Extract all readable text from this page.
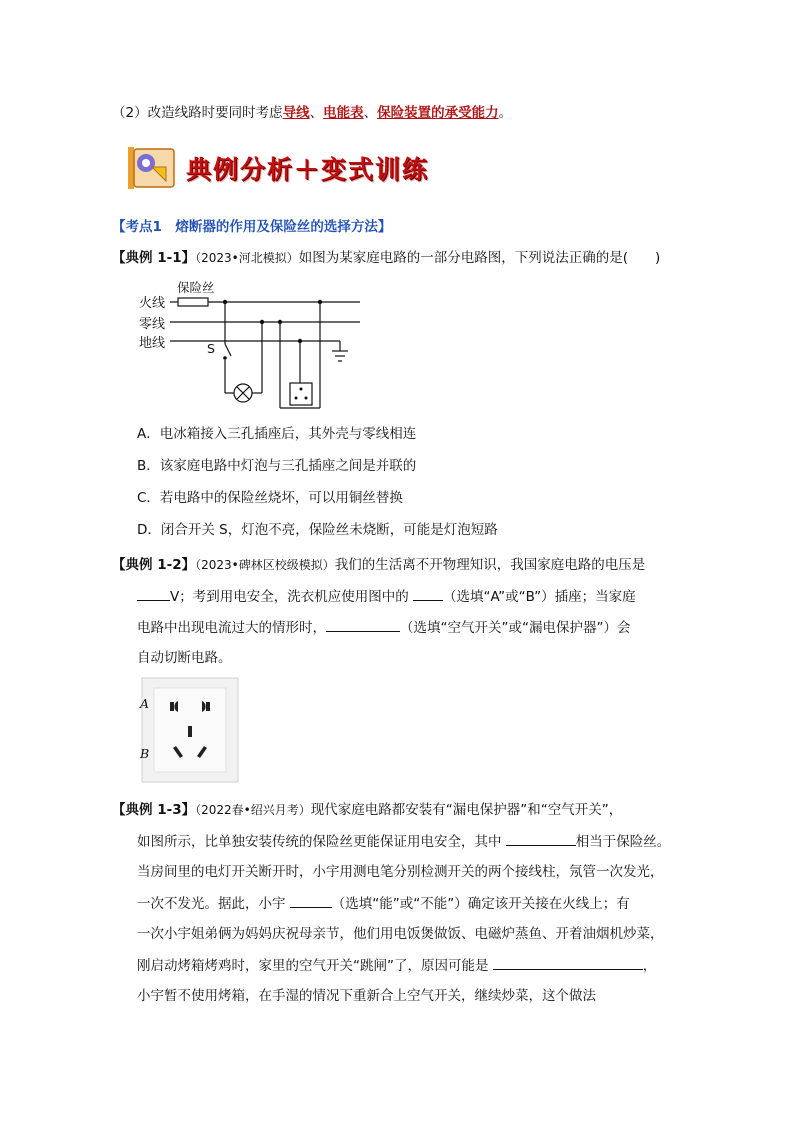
（2）改造线路时要同时考虑导线、电能表、保险装置的承受能力。
典例分析＋变式训练
【考点1　熔断器的作用及保险丝的选择方法】
【典例 1-1】（2023•河北模拟）如图为某家庭电路的一部分电路图，下列说法正确的是(　　)
保险丝
火线
零线
地线	S
A．电冰箱接入三孔插座后，其外壳与零线相连
B．该家庭电路中灯泡与三孔插座之间是并联的
C．若电路中的保险丝烧坏，可以用铜丝替换
D．闭合开关 S，灯泡不亮，保险丝未烧断，可能是灯泡短路
【典例 1-2】（2023•碑林区校级模拟）我们的生活离不开物理知识，我国家庭电路的电压是
V；考到用电安全，洗衣机应使用图中的	（选填“A”或“B”）插座；当家庭
电路中出现电流过大的情形时，	（选填“空气开关”或“漏电保护器”）会
自动切断电路。
A
B
【典例 1-3】（2022春•绍兴月考）现代家庭电路都安装有“漏电保护器”和“空气开关”，
如图所示，比单独安装传统的保险丝更能保证用电安全，其中	相当于保险丝。
当房间里的电灯开关断开时，小宇用测电笔分别检测开关的两个接线柱，氖管一次发光，
一次不发光。据此，小宇	（选填“能”或“不能”）确定该开关接在火线上；有
一次小宇姐弟俩为妈妈庆祝母亲节，他们用电饭煲做饭、电磁炉蒸鱼、开着油烟机炒菜，
刚启动烤箱烤鸡时，家里的空气开关“跳闸”了，原因可能是	，
小宇暂不使用烤箱，在手湿的情况下重新合上空气开关，继续炒菜，这个做法
